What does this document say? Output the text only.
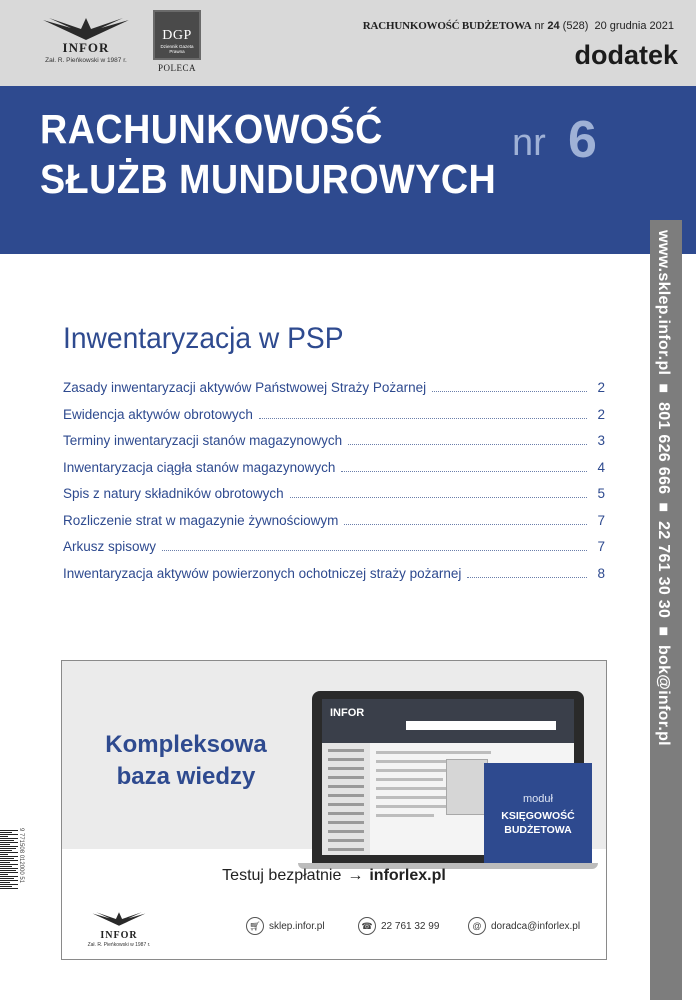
INFOR
Zał. R. Pieńkowski w 1987 r.
DGP
Dziennik Gazeta Prawna
POLECA
RACHUNKOWOŚĆ BUDŻETOWA nr 24 (528) 20 grudnia 2021
dodatek
RACHUNKOWOŚĆ
SŁUŻB MUNDUROWYCH
nr 6
www.sklep.infor.pl ■ 801 626 666 ■ 22 761 30 30 ■ bok@infor.pl
Inwentaryzacja w PSP
Zasady inwentaryzacji aktywów Państwowej Straży Pożarnej	2
Ewidencja aktywów obrotowych	2
Terminy inwentaryzacji stanów magazynowych	3
Inwentaryzacja ciągła stanów magazynowych	4
Spis z natury składników obrotowych	5
Rozliczenie strat w magazynie żywnościowym	7
Arkusz spisowy	7
Inwentaryzacja aktywów powierzonych ochotniczej straży pożarnej	8
Kompleksowa
baza wiedzy
INFOR
moduł
KSIĘGOWOŚĆ
BUDŻETOWA
Testuj bezpłatnie → inforlex.pl
INFOR
Zał. R. Pieńkowski w 1987 r.
🛒︎ sklep.infor.pl	☎︎ 22 761 32 99	@ doradca@inforlex.pl
9 771508 012000 51
